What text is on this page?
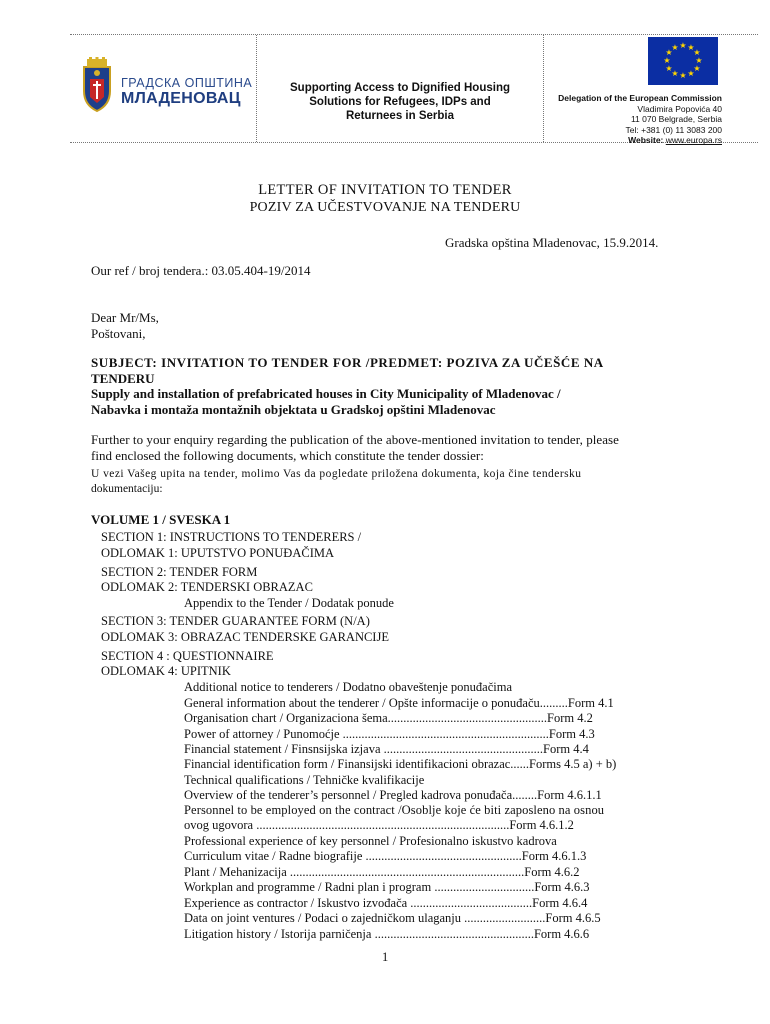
ГРАДСКА ОПШТИНА
МЛАДЕНОВАЦ
Supporting Access to Dignified Housing
Solutions for Refugees, IDPs and
Returnees in Serbia
★ ★
★
★
★
★
★
★
★
★
★
★
Delegation of the European Commission
Vladimira Popovića 40
11 070 Belgrade, Serbia
Tel: +381 (0) 11 3083 200
Website: www.europa.rs
LETTER OF INVITATION TO TENDER
POZIV ZA UČESTVOVANJE NA TENDERU
Gradska opština Mladenovac, 15.9.2014.
Our ref / broj tendera.: 03.05.404-19/2014
Dear Mr/Ms,
Poštovani,
SUBJECT: INVITATION TO TENDER FOR /PREDMET: POZIVA ZA UČEŠĆE NA
TENDERU
Supply and installation of prefabricated houses in City Municipality of Mladenovac /
Nabavka i montaža montažnih objektata u Gradskoj opštini Mladenovac
Further to your enquiry regarding the publication of the above-mentioned invitation to tender, please
find enclosed the following documents, which constitute the tender dossier:
U vezi Vašeg upita na tender, molimo Vas da pogledate priložena dokumenta, koja čine tendersku
dokumentaciju:
VOLUME 1 / SVESKA 1
SECTION 1: INSTRUCTIONS TO TENDERERS /
ODLOMAK 1: UPUTSTVO PONUĐAČIMA
SECTION 2: TENDER FORM
ODLOMAK 2: TENDERSKI OBRAZAC
Appendix to the Tender / Dodatak ponude
SECTION 3: TENDER GUARANTEE FORM (N/A)
ODLOMAK 3: OBRAZAC TENDERSKE GARANCIJE
SECTION 4 : QUESTIONNAIRE
ODLOMAK 4: UPITNIK
Additional notice to tenderers / Dodatno obaveštenje ponuđačima
General information about the tenderer / Opšte informacije o ponuđaču.........Form 4.1
Organisation chart / Organizaciona šema...................................................Form 4.2
Power of attorney / Punomoćje ..................................................................Form 4.3
Financial statement / Finsnsijska izjava ...................................................Form 4.4
Financial identification form / Finansijski identifikacioni obrazac......Forms 4.5 a) + b)
Technical qualifications / Tehničke kvalifikacije
Overview of the tenderer’s personnel / Pregled kadrova ponuđača........Form 4.6.1.1
Personnel to be employed on the contract /Osoblje koje će biti zaposleno na osnou
ovog ugovora .................................................................................Form 4.6.1.2
Professional experience of key personnel / Profesionalno iskustvo kadrova
Curriculum vitae / Radne biografije ..................................................Form 4.6.1.3
Plant / Mehanizacija ...........................................................................Form 4.6.2
Workplan and programme / Radni plan i program ................................Form 4.6.3
Experience as contractor / Iskustvo izvođača .......................................Form 4.6.4
Data on joint ventures / Podaci o zajedničkom ulaganju ..........................Form 4.6.5
Litigation history / Istorija parničenja ...................................................Form 4.6.6
1
